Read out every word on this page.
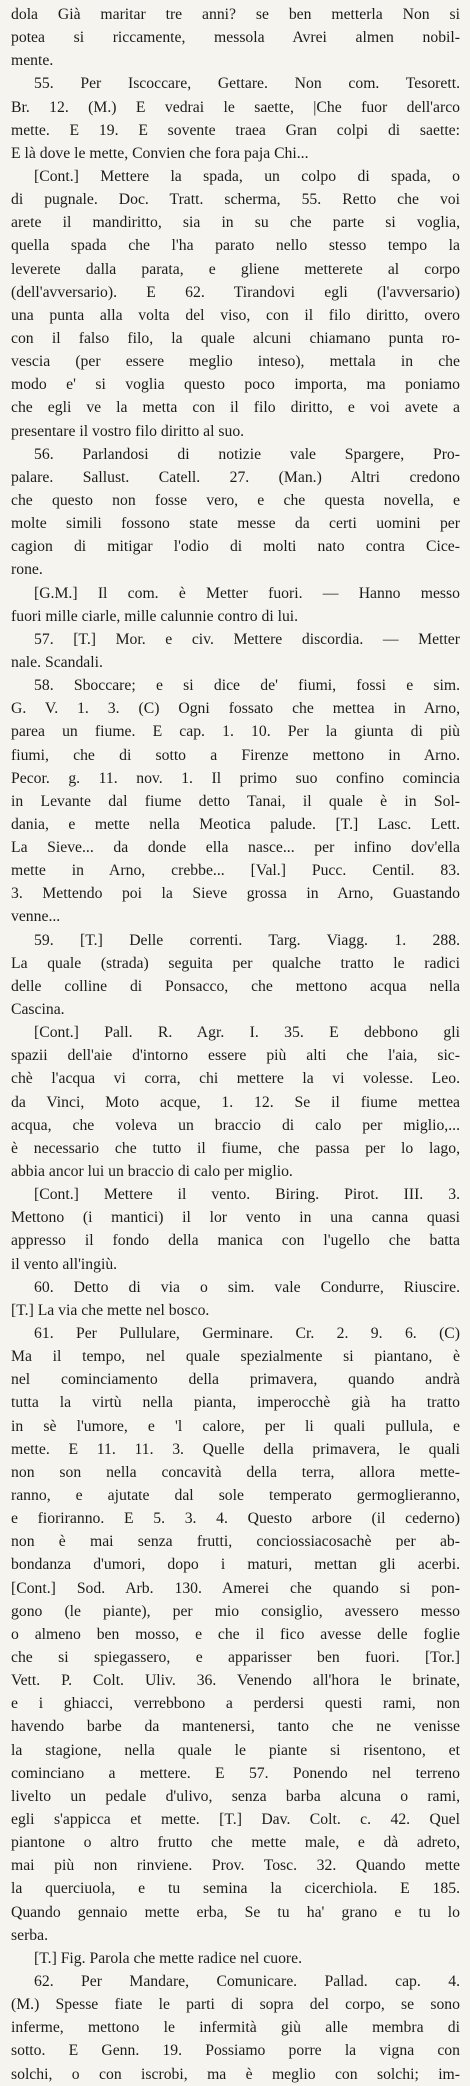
dola Già maritar tre anni? se ben metterla Non si
potea si riccamente, messola Avrei almen nobil-
mente.
55. Per Iscoccare, Gettare. Non com. Tesorett.
Br. 12. (M.) E vedrai le saette, |Che fuor dell'arco
mette. E 19. E sovente traea Gran colpi di saette:
E là dove le mette, Convien che fora paja Chi...
[Cont.] Mettere la spada, un colpo di spada, o
di pugnale. Doc. Tratt. scherma, 55. Retto che voi
arete il mandiritto, sia in su che parte si voglia,
quella spada che l'ha parato nello stesso tempo la
leverete dalla parata, e gliene metterete al corpo
(dell'avversario). E 62. Tirandovi egli (l'avversario)
una punta alla volta del viso, con il filo diritto, overo
con il falso filo, la quale alcuni chiamano punta ro-
vescia (per essere meglio inteso), mettala in che
modo e' si voglia questo poco importa, ma poniamo
che egli ve la metta con il filo diritto, e voi avete a
presentare il vostro filo diritto al suo.
56. Parlandosi di notizie vale Spargere, Pro-
palare. Sallust. Catell. 27. (Man.) Altri credono
che questo non fosse vero, e che questa novella, e
molte simili fossono state messe da certi uomini per
cagion di mitigar l'odio di molti nato contra Cice-
rone.
[G.M.] Il com. è Metter fuori. — Hanno messo
fuori mille ciarle, mille calunnie contro di lui.
57. [T.] Mor. e civ. Mettere discordia. — Metter
nale. Scandali.
58. Sboccare; e si dice de' fiumi, fossi e sim.
G. V. 1. 3. (C) Ogni fossato che mettea in Arno,
parea un fiume. E cap. 1. 10. Per la giunta di più
fiumi, che di sotto a Firenze mettono in Arno.
Pecor. g. 11. nov. 1. Il primo suo confino comincia
in Levante dal fiume detto Tanai, il quale è in Sol-
dania, e mette nella Meotica palude. [T.] Lasc. Lett.
La Sieve... da donde ella nasce... per infino dov'ella
mette in Arno, crebbe... [Val.] Pucc. Centil. 83.
3. Mettendo poi la Sieve grossa in Arno, Guastando
venne...
59. [T.] Delle correnti. Targ. Viagg. 1. 288.
La quale (strada) seguita per qualche tratto le radici
delle colline di Ponsacco, che mettono acqua nella
Cascina.
[Cont.] Pall. R. Agr. I. 35. E debbono gli
spazii dell'aie d'intorno essere più alti che l'aia, sic-
chè l'acqua vi corra, chi mettere la vi volesse. Leo.
da Vinci, Moto acque, 1. 12. Se il fiume mettea
acqua, che voleva un braccio di calo per miglio,...
è necessario che tutto il fiume, che passa per lo lago,
abbia ancor lui un braccio di calo per miglio.
[Cont.] Mettere il vento. Biring. Pirot. III. 3.
Mettono (i mantici) il lor vento in una canna quasi
appresso il fondo della manica con l'ugello che batta
il vento all'ingiù.
60. Detto di via o sim. vale Condurre, Riuscire.
[T.] La via che mette nel bosco.
61. Per Pullulare, Germinare. Cr. 2. 9. 6. (C)
Ma il tempo, nel quale spezialmente si piantano, è
nel cominciamento della primavera, quando andrà
tutta la virtù nella pianta, imperocchè già ha tratto
in sè l'umore, e 'l calore, per li quali pullula, e
mette. E 11. 11. 3. Quelle della primavera, le quali
non son nella concavità della terra, allora mette-
ranno, e ajutate dal sole temperato germoglieranno,
e fioriranno. E 5. 3. 4. Questo arbore (il cederno)
non è mai senza frutti, conciossiacosachè per ab-
bondanza d'umori, dopo i maturi, mettan gli acerbi.
[Cont.] Sod. Arb. 130. Amerei che quando si pon-
gono (le piante), per mio consiglio, avessero messo
o almeno ben mosso, e che il fico avesse delle foglie
che si spiegassero, e apparisser ben fuori. [Tor.]
Vett. P. Colt. Uliv. 36. Venendo all'hora le brinate,
e i ghiacci, verrebbono a perdersi questi rami, non
havendo barbe da mantenersi, tanto che ne venisse
la stagione, nella quale le piante si risentono, et
cominciano a mettere. E 57. Ponendo nel terreno
livelto un pedale d'ulivo, senza barba alcuna o rami,
egli s'appicca et mette. [T.] Dav. Colt. c. 42. Quel
piantone o altro frutto che mette male, e dà adreto,
mai più non rinviene. Prov. Tosc. 32. Quando mette
la querciuola, e tu semina la cicerchiola. E 185.
Quando gennaio mette erba, Se tu ha' grano e tu lo
serba.
[T.] Fig. Parola che mette radice nel cuore.
62. Per Mandare, Comunicare. Pallad. cap. 4.
(M.) Spesse fiate le parti di sopra del corpo, se sono
inferme, mettono le infermità giù alle membra di
sotto. E Genn. 19. Possiamo porre la vigna con
solchi, o con iscrobi, ma è meglio con solchi; im-
